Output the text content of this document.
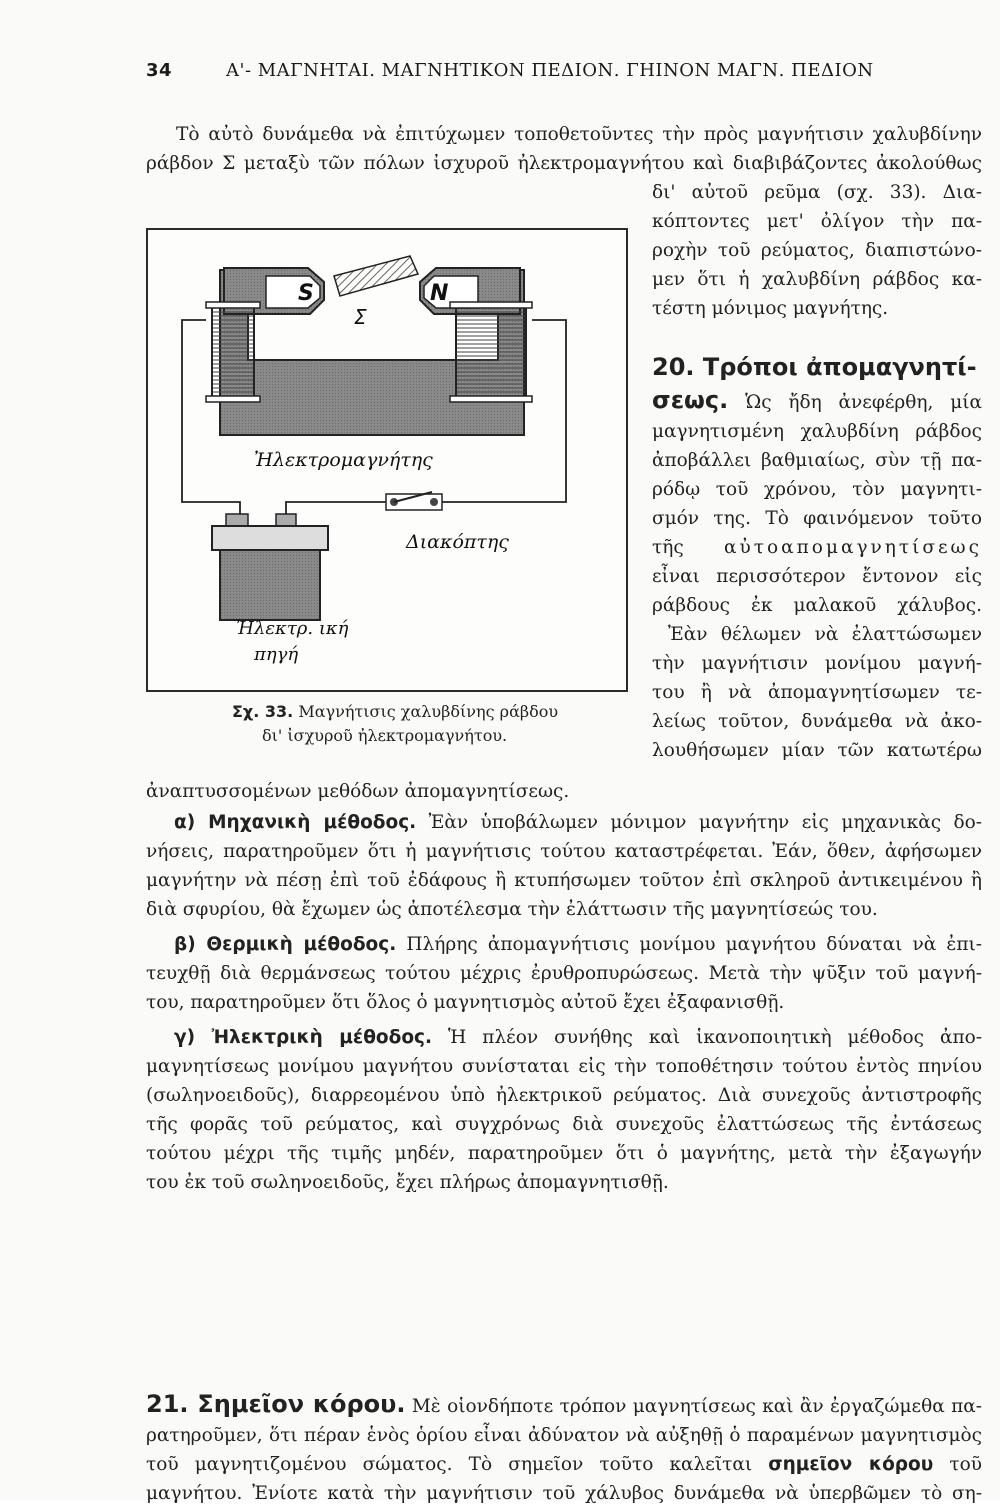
34	Α'- ΜΑΓΝΗΤΑΙ. ΜΑΓΝΗΤΙΚΟΝ ΠΕΔΙΟΝ. ΓΗΙΝΟΝ ΜΑΓΝ. ΠΕΔΙΟΝ
Τὸ αὐτὸ δυνάμεθα νὰ ἐπιτύχωμεν τοποθετοῦντες τὴν πρὸς μαγνήτισιν χαλυβδίνην
ράβδον Σ μεταξὺ τῶν πόλων ἰσχυροῦ ἠλεκτρομαγνήτου καὶ διαβιβάζοντες ἀκολούθως
δι' αὐτοῦ ρεῦμα (σχ. 33). Δια-
κόπτοντες μετ' ὀλίγον τὴν πα-
ροχὴν τοῦ ρεύματος, διαπιστώνο-
μεν ὅτι ἡ χαλυβδίνη ράβδος κα-
τέστη μόνιμος μαγνήτης.
20. Τρόποι ἀπομαγνητί-
σεως. Ὡς ἤδη ἀνεφέρθη, μία
μαγνητισμένη χαλυβδίνη ράβδος
ἀποβάλλει βαθμιαίως, σὺν τῇ πα-
ρόδῳ τοῦ χρόνου, τὸν μαγνητι-
σμόν της. Τὸ φαινόμενον τοῦτο
τῆς αὐτοαπομαγνητίσεως
εἶναι περισσότερον ἔντονον εἰς
ράβδους ἐκ μαλακοῦ χάλυβος.
Ἐὰν θέλωμεν νὰ ἐλαττώσωμεν
τὴν μαγνήτισιν μονίμου μαγνή-
του ἢ νὰ ἀπομαγνητίσωμεν τε-
λείως τοῦτον, δυνάμεθα νὰ ἀκο-
λουθήσωμεν μίαν τῶν κατωτέρω
S	N
Σ
Διακόπτης
Ἠλεκτρομαγνήτης
Ἠλεκτρ. ική
πηγή
Σχ. 33. Μαγνήτισις χαλυβδίνης ράβδου
δι' ἰσχυροῦ ἠλεκτρομαγνήτου.
ἀναπτυσσομένων μεθόδων ἀπομαγνητίσεως.
α) Μηχανικὴ μέθοδος. Ἐὰν ὑποβάλωμεν μόνιμον μαγνήτην εἰς μηχανικὰς δο-
νήσεις, παρατηροῦμεν ὅτι ἡ μαγνήτισις τούτου καταστρέφεται. Ἐάν, ὅθεν, ἀφήσωμεν
μαγνήτην νὰ πέσῃ ἐπὶ τοῦ ἐδάφους ἢ κτυπήσωμεν τοῦτον ἐπὶ σκληροῦ ἀντικειμένου ἢ
διὰ σφυρίου, θὰ ἔχωμεν ὡς ἀποτέλεσμα τὴν ἐλάττωσιν τῆς μαγνητίσεώς του.
β) Θερμικὴ μέθοδος. Πλήρης ἀπομαγνήτισις μονίμου μαγνήτου δύναται νὰ ἐπι-
τευχθῇ διὰ θερμάνσεως τούτου μέχρις ἐρυθροπυρώσεως. Μετὰ τὴν ψῦξιν τοῦ μαγνή-
του, παρατηροῦμεν ὅτι ὅλος ὁ μαγνητισμὸς αὐτοῦ ἔχει ἐξαφανισθῇ.
γ) Ἠλεκτρικὴ μέθοδος. Ἡ πλέον συνήθης καὶ ἱκανοποιητικὴ μέθοδος ἀπο-
μαγνητίσεως μονίμου μαγνήτου συνίσταται εἰς τὴν τοποθέτησιν τούτου ἐντὸς πηνίου
(σωληνοειδοῦς), διαρρεομένου ὑπὸ ἠλεκτρικοῦ ρεύματος. Διὰ συνεχοῦς ἀντιστροφῆς
τῆς φορᾶς τοῦ ρεύματος, καὶ συγχρόνως διὰ συνεχοῦς ἐλαττώσεως τῆς ἐντάσεως
τούτου μέχρι τῆς τιμῆς μηδέν, παρατηροῦμεν ὅτι ὁ μαγνήτης, μετὰ τὴν ἐξαγωγήν
του ἐκ τοῦ σωληνοειδοῦς, ἔχει πλήρως ἀπομαγνητισθῇ.
21. Σημεῖον κόρου. Μὲ οἱονδήποτε τρόπον μαγνητίσεως καὶ ἂν ἐργαζώμεθα πα-
ρατηροῦμεν, ὅτι πέραν ἑνὸς ὁρίου εἶναι ἀδύνατον νὰ αὐξηθῇ ὁ παραμένων μαγνητισμὸς
τοῦ μαγνητιζομένου σώματος. Τὸ σημεῖον τοῦτο καλεῖται σημεῖον κόρου τοῦ
μαγνήτου. Ἐνίοτε κατὰ τὴν μαγνήτισιν τοῦ χάλυβος δυνάμεθα νὰ ὑπερβῶμεν τὸ ση-
